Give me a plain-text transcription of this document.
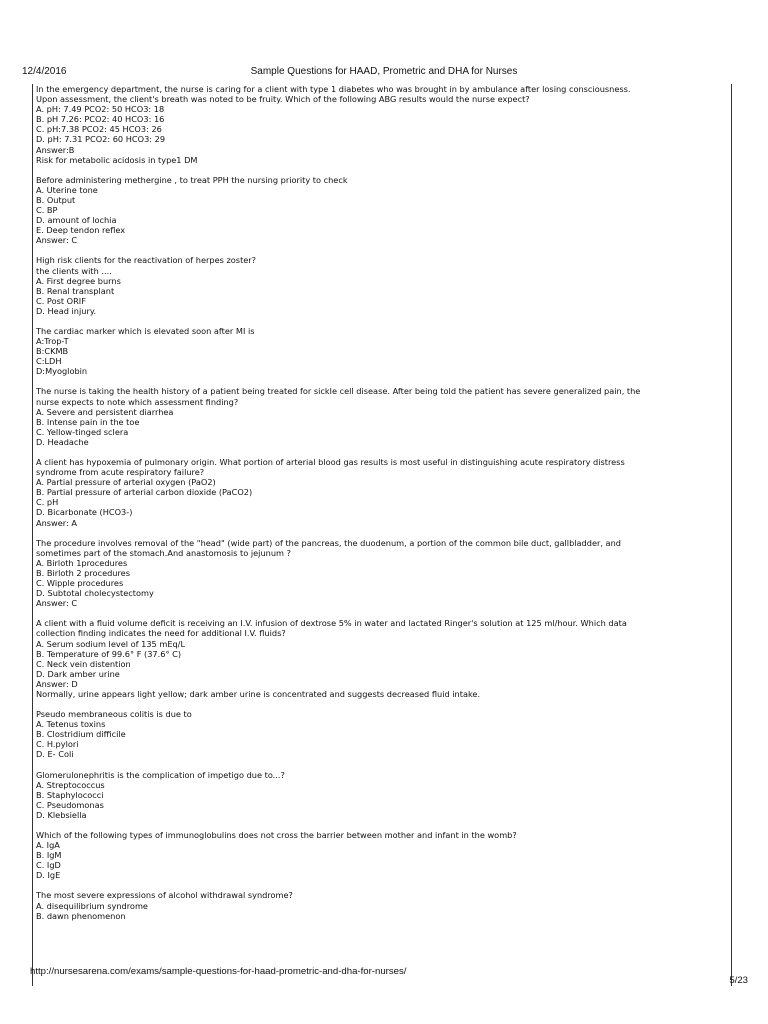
12/4/2016	Sample Questions for HAAD, Prometric and DHA for Nurses
In the emergency department, the nurse is caring for a client with type 1 diabetes who was brought in by ambulance after losing consciousness.
Upon assessment, the client's breath was noted to be fruity. Which of the following ABG results would the nurse expect?
A. pH: 7.49 PCO2: 50 HCO3: 18
B. pH 7.26: PCO2: 40 HCO3: 16
C. pH:7.38 PCO2: 45 HCO3: 26
D. pH: 7.31 PCO2: 60 HCO3: 29
Answer:B
Risk for metabolic acidosis in type1 DM
Before administering methergine , to treat PPH the nursing priority to check
A. Uterine tone
B. Output
C. BP
D. amount of lochia
E. Deep tendon reflex
Answer: C
High risk clients for the reactivation of herpes zoster?
the clients with ....
A. First degree burns
B. Renal transplant
C. Post ORIF
D. Head injury.
The cardiac marker which is elevated soon after MI is
A:Trop-T
B:CKMB
C:LDH
D:Myoglobin
The nurse is taking the health history of a patient being treated for sickle cell disease. After being told the patient has severe generalized pain, the
nurse expects to note which assessment finding?
A. Severe and persistent diarrhea
B. Intense pain in the toe
C. Yellow-tinged sclera
D. Headache
A client has hypoxemia of pulmonary origin. What portion of arterial blood gas results is most useful in distinguishing acute respiratory distress
syndrome from acute respiratory failure?
A. Partial pressure of arterial oxygen (PaO2)
B. Partial pressure of arterial carbon dioxide (PaCO2)
C. pH
D. Bicarbonate (HCO3-)
Answer: A
The procedure involves removal of the "head" (wide part) of the pancreas, the duodenum, a portion of the common bile duct, gallbladder, and
sometimes part of the stomach.And anastomosis to jejunum ?
A. Birloth 1procedures
B. Birloth 2 procedures
C. Wipple procedures
D. Subtotal cholecystectomy
Answer: C
A client with a fluid volume deficit is receiving an I.V. infusion of dextrose 5% in water and lactated Ringer's solution at 125 ml/hour. Which data
collection finding indicates the need for additional I.V. fluids?
A. Serum sodium level of 135 mEq/L
B. Temperature of 99.6° F (37.6° C)
C. Neck vein distention
D. Dark amber urine
Answer: D
Normally, urine appears light yellow; dark amber urine is concentrated and suggests decreased fluid intake.
Pseudo membraneous colitis is due to
A. Tetenus toxins
B. Clostridium difficile
C. H.pylori
D. E- Coli
Glomerulonephritis is the complication of impetigo due to...?
A. Streptococcus
B. Staphylococci
C. Pseudomonas
D. Klebsiella
Which of the following types of immunoglobulins does not cross the barrier between mother and infant in the womb?
A. IgA
B. IgM
C. IgD
D. IgE
The most severe expressions of alcohol withdrawal syndrome?
A. disequilibrium syndrome
B. dawn phenomenon
http://nursesarena.com/exams/sample-questions-for-haad-prometric-and-dha-for-nurses/
5/23
